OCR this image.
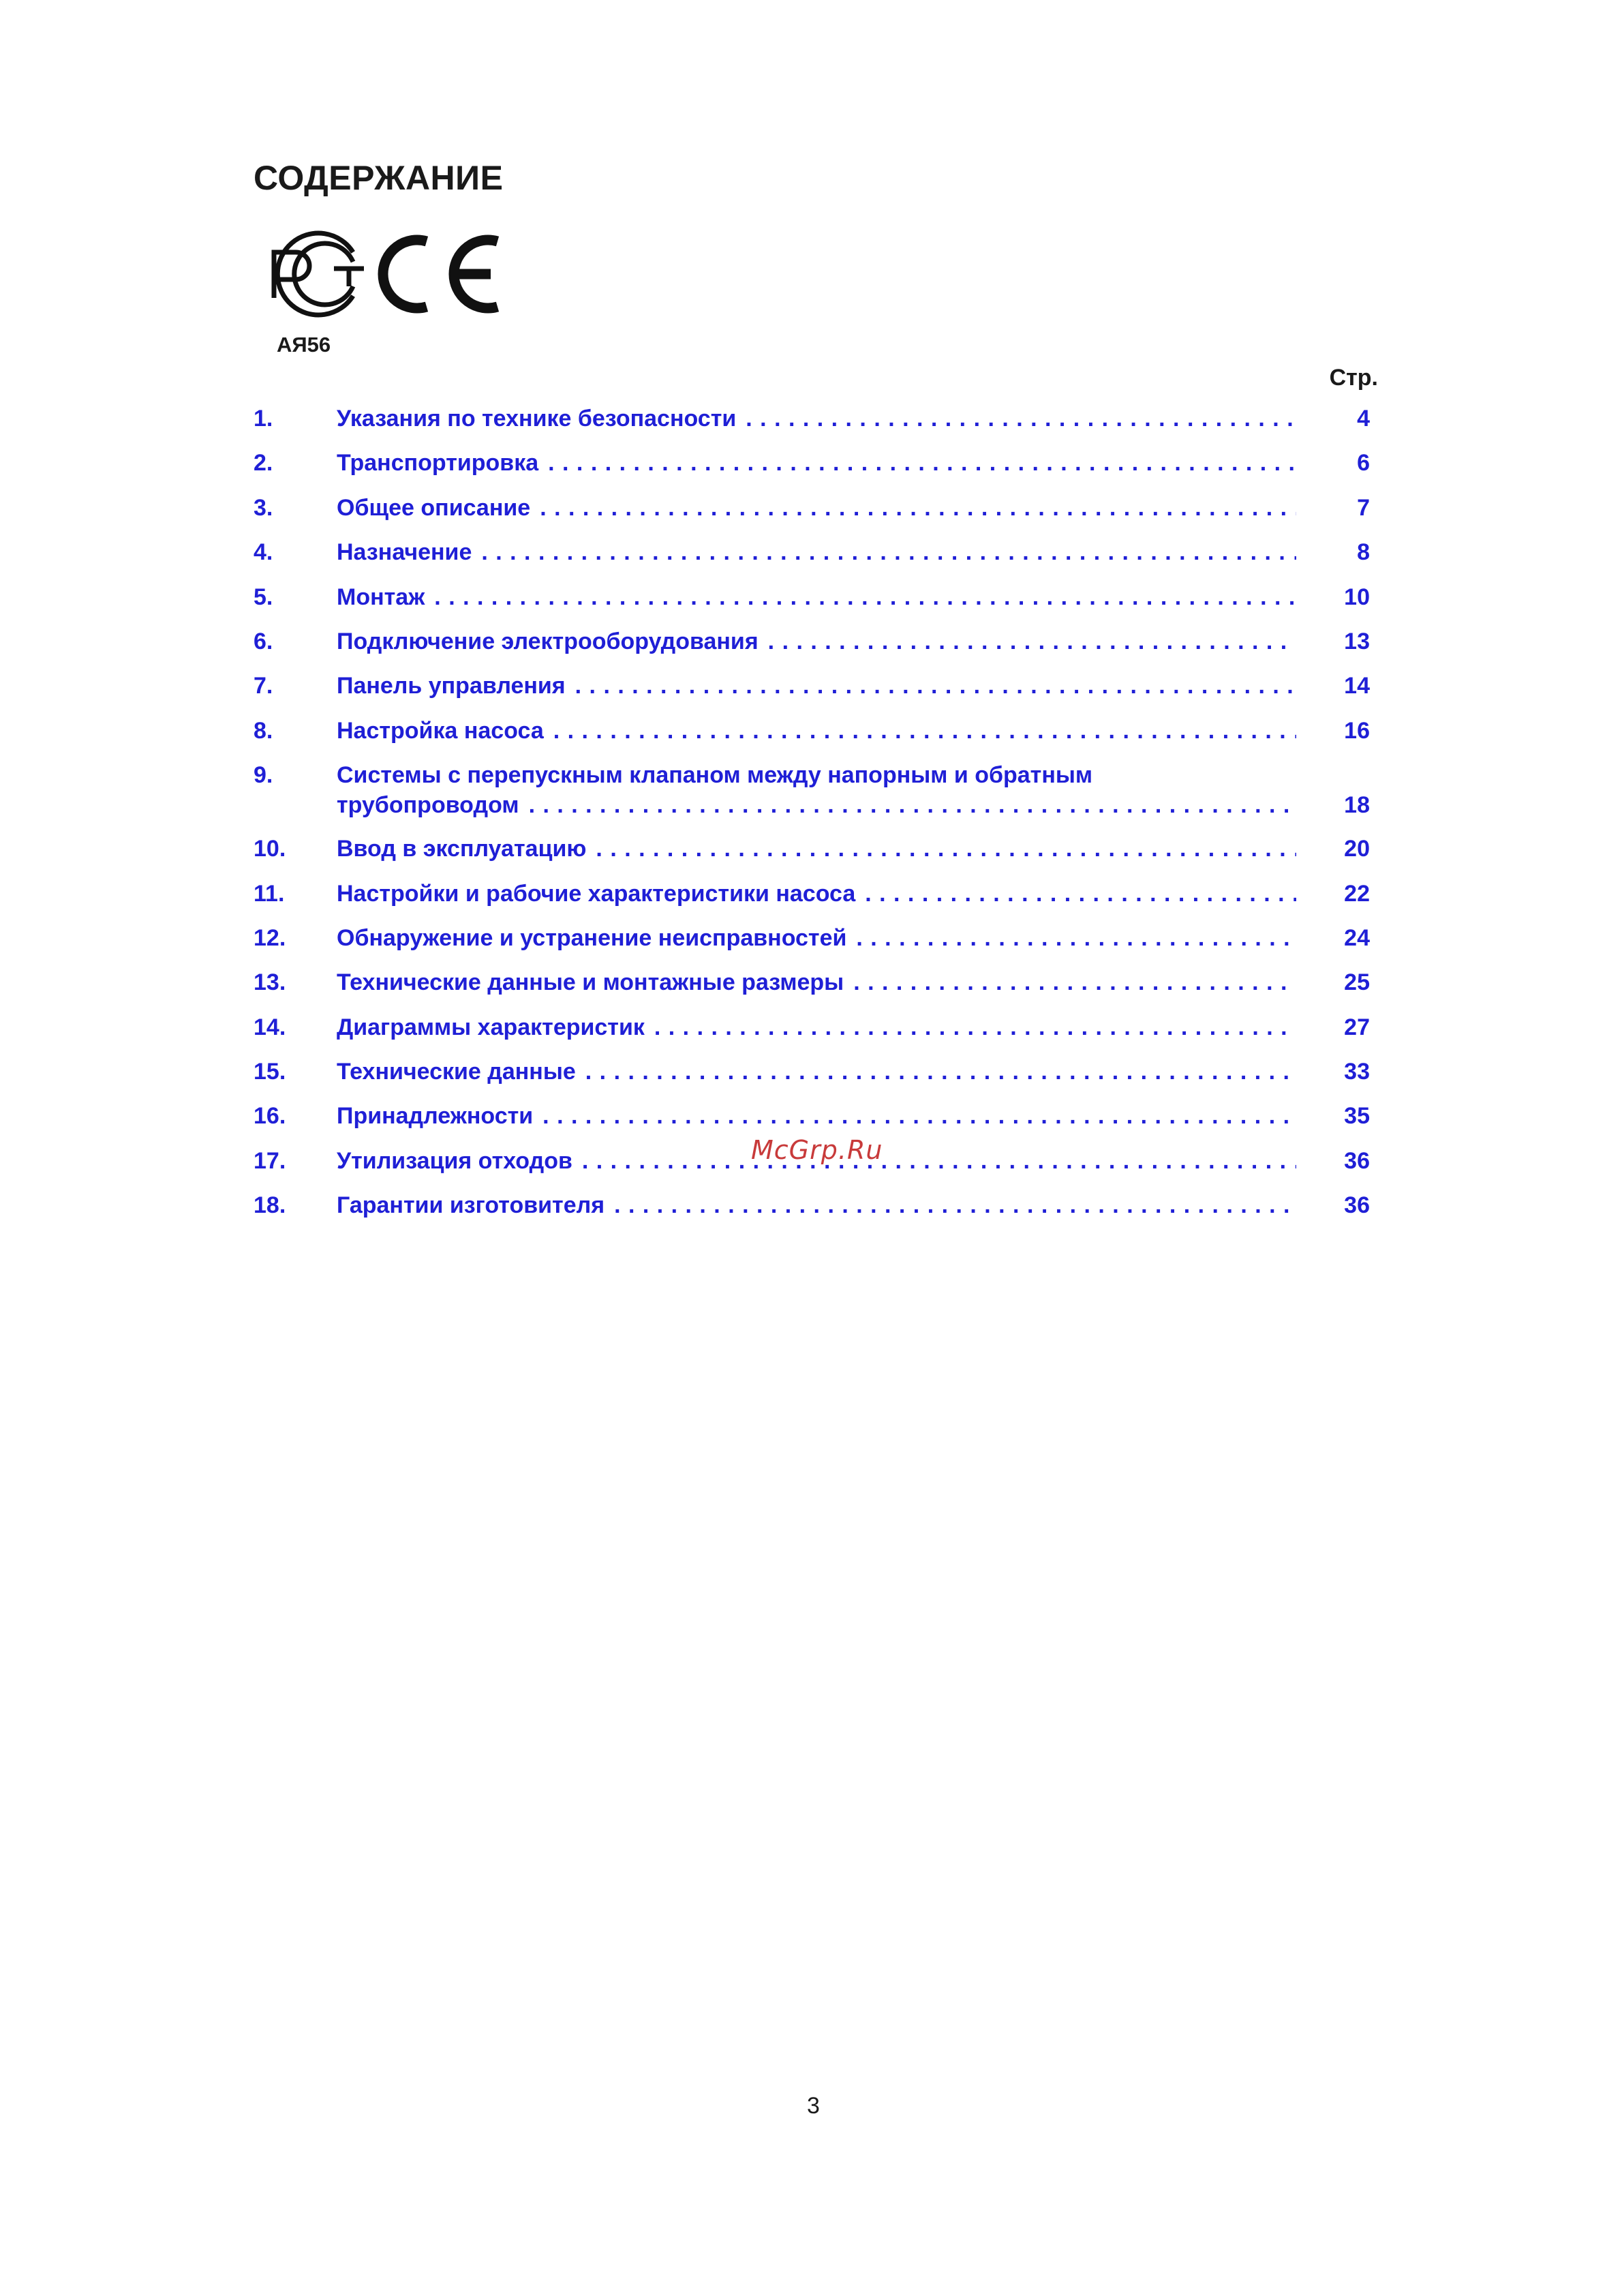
СОДЕРЖАНИЕ
АЯ56
Стр.
1.	Указания по технике безопасности . . .	4
2.	Транспортировка . . .	6
3.	Общее описание . . .	7
4.	Назначение . . .	8
5.	Монтаж . . .	10
6.	Подключение электрооборудования . . .	13
7.	Панель управления . . .	14
8.	Настройка насоса . . .	16
9.	Системы с перепускным клапаном между напорным и обратным
трубопроводом . . .	18
10. Ввод в эксплуатацию . . .	20
11. Настройки и рабочие характеристики насоса . . .	22
12. Обнаружение и устранение неисправностей . . .	24
13. Технические данные и монтажные размеры . . .	25
14. Диаграммы характеристик . . .	27
15. Технические данные . . .	33
16. Принадлежности . . .	35
17. Утилизация отходов . . .	36
18. Гарантии изготовителя . . .	36
McGrp.Ru
3
